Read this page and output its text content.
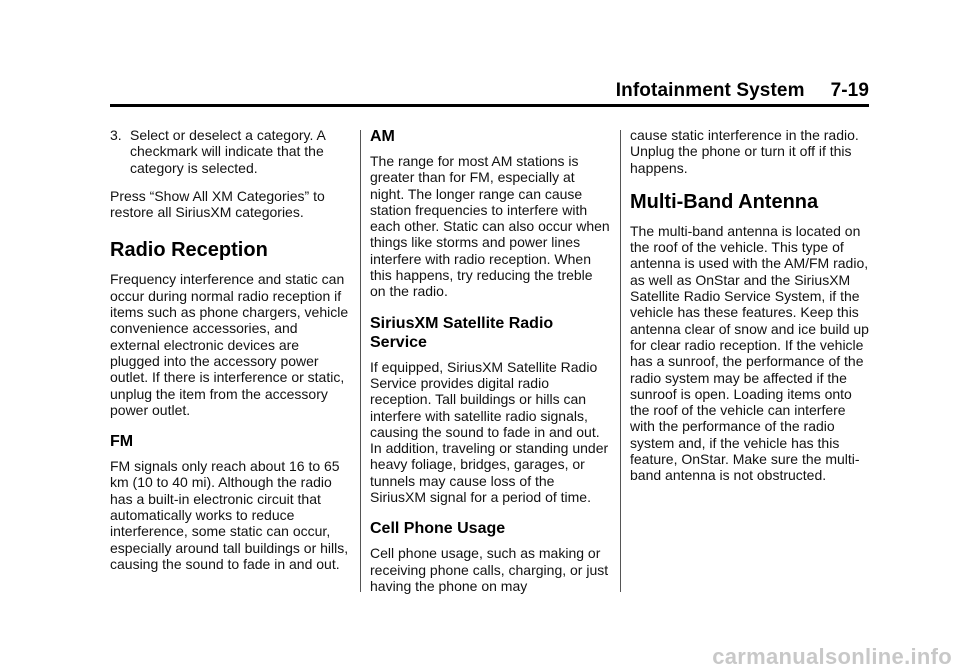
Infotainment System 7-19
3. Select or deselect a category. A checkmark will indicate that the category is selected.

Press “Show All XM Categories” to restore all SiriusXM categories.

Radio Reception

Frequency interference and static can occur during normal radio reception if items such as phone chargers, vehicle convenience accessories, and external electronic devices are plugged into the accessory power outlet. If there is interference or static, unplug the item from the accessory power outlet.

FM

FM signals only reach about 16 to 65 km (10 to 40 mi). Although the radio has a built-in electronic circuit that automatically works to reduce interference, some static can occur, especially around tall buildings or hills, causing the sound to fade in and out.

AM

The range for most AM stations is greater than for FM, especially at night. The longer range can cause station frequencies to interfere with each other. Static can also occur when things like storms and power lines interfere with radio reception. When this happens, try reducing the treble on the radio.

SiriusXM Satellite Radio Service

If equipped, SiriusXM Satellite Radio Service provides digital radio reception. Tall buildings or hills can interfere with satellite radio signals, causing the sound to fade in and out. In addition, traveling or standing under heavy foliage, bridges, garages, or tunnels may cause loss of the SiriusXM signal for a period of time.

Cell Phone Usage

Cell phone usage, such as making or receiving phone calls, charging, or just having the phone on may

cause static interference in the radio. Unplug the phone or turn it off if this happens.

Multi-Band Antenna

The multi-band antenna is located on the roof of the vehicle. This type of antenna is used with the AM/FM radio, as well as OnStar and the SiriusXM Satellite Radio Service System, if the vehicle has these features. Keep this antenna clear of snow and ice build up for clear radio reception. If the vehicle has a sunroof, the performance of the radio system may be affected if the sunroof is open. Loading items onto the roof of the vehicle can interfere with the performance of the radio system and, if the vehicle has this feature, OnStar. Make sure the multi-band antenna is not obstructed.

carmanualsonline.info
